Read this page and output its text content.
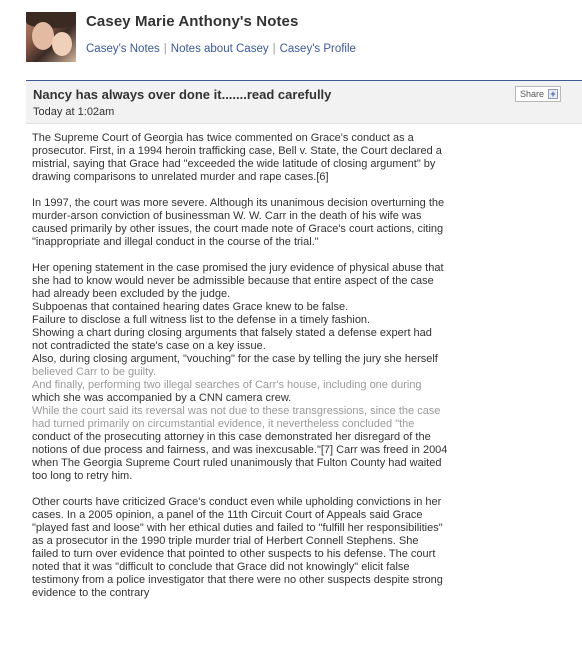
Casey Marie Anthony's Notes
Casey's Notes | Notes about Casey | Casey's Profile
Nancy has always over done it.......read carefully
Today at 1:02am
Share +
The Supreme Court of Georgia has twice commented on Grace's conduct as a
prosecutor. First, in a 1994 heroin trafficking case, Bell v. State, the Court declared a
mistrial, saying that Grace had "exceeded the wide latitude of closing argument" by
drawing comparisons to unrelated murder and rape cases.[6]
In 1997, the court was more severe. Although its unanimous decision overturning the
murder-arson conviction of businessman W. W. Carr in the death of his wife was
caused primarily by other issues, the court made note of Grace's court actions, citing
"inappropriate and illegal conduct in the course of the trial."
Her opening statement in the case promised the jury evidence of physical abuse that
she had to know would never be admissible because that entire aspect of the case
had already been excluded by the judge.
Subpoenas that contained hearing dates Grace knew to be false.
Failure to disclose a full witness list to the defense in a timely fashion.
Showing a chart during closing arguments that falsely stated a defense expert had
not contradicted the state's case on a key issue.
Also, during closing argument, "vouching" for the case by telling the jury she herself
believed Carr to be guilty.
And finally, performing two illegal searches of Carr's house, including one during
which she was accompanied by a CNN camera crew.
While the court said its reversal was not due to these transgressions, since the case
had turned primarily on circumstantial evidence, it nevertheless concluded "the
conduct of the prosecuting attorney in this case demonstrated her disregard of the
notions of due process and fairness, and was inexcusable."[7] Carr was freed in 2004
when The Georgia Supreme Court ruled unanimously that Fulton County had waited
too long to retry him.
Other courts have criticized Grace's conduct even while upholding convictions in her
cases. In a 2005 opinion, a panel of the 11th Circuit Court of Appeals said Grace
"played fast and loose" with her ethical duties and failed to "fulfill her responsibilities"
as a prosecutor in the 1990 triple murder trial of Herbert Connell Stephens. She
failed to turn over evidence that pointed to other suspects to his defense. The court
noted that it was "difficult to conclude that Grace did not knowingly" elicit false
testimony from a police investigator that there were no other suspects despite strong
evidence to the contrary
